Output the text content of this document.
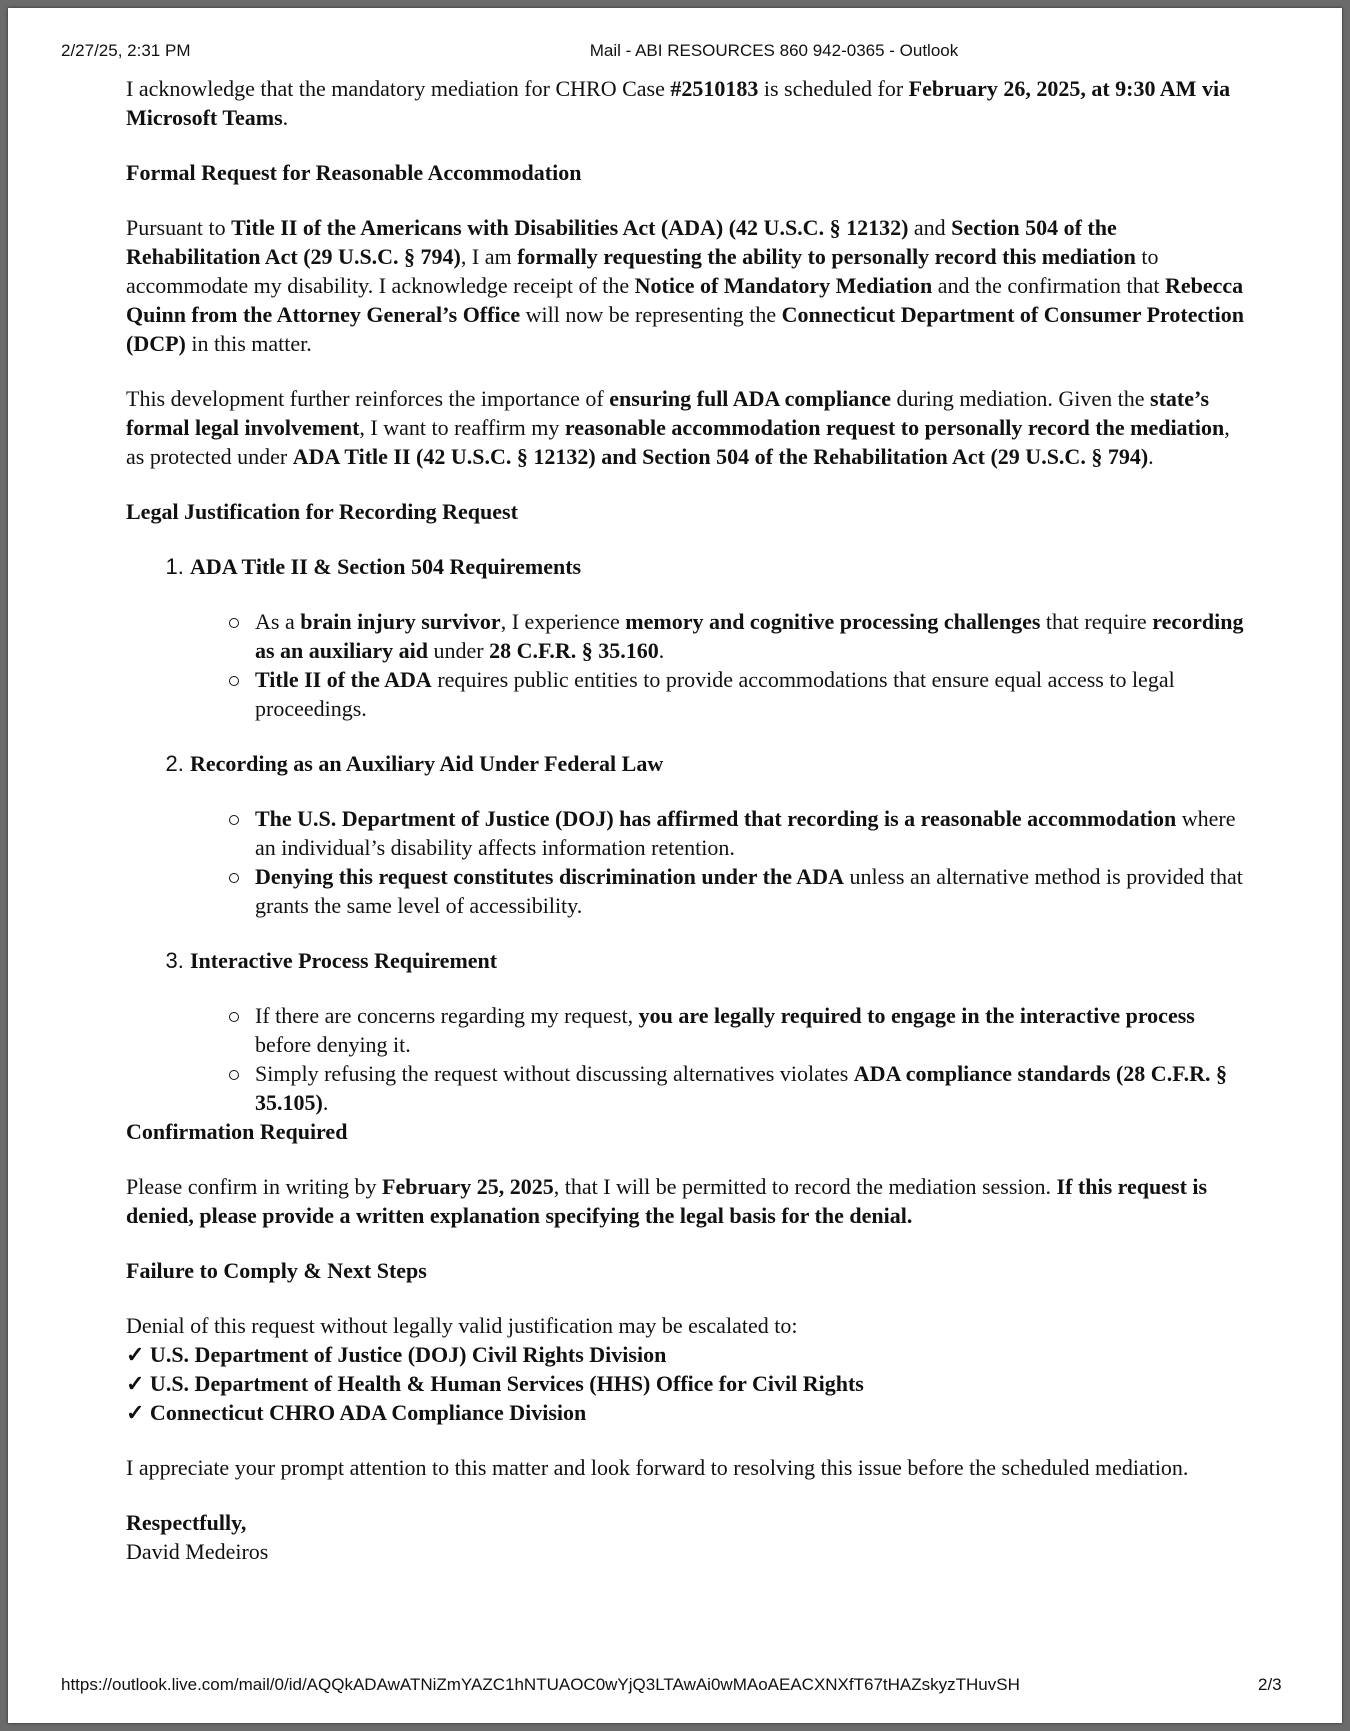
2/27/25, 2:31 PM	Mail - ABI RESOURCES 860 942-0365 - Outlook

I acknowledge that the mandatory mediation for CHRO Case #2510183 is scheduled for February 26, 2025, at 9:30 AM via Microsoft Teams.

Formal Request for Reasonable Accommodation

Pursuant to Title II of the Americans with Disabilities Act (ADA) (42 U.S.C. § 12132) and Section 504 of the Rehabilitation Act (29 U.S.C. § 794), I am formally requesting the ability to personally record this mediation to accommodate my disability. I acknowledge receipt of the Notice of Mandatory Mediation and the confirmation that Rebecca Quinn from the Attorney General’s Office will now be representing the Connecticut Department of Consumer Protection (DCP) in this matter.

This development further reinforces the importance of ensuring full ADA compliance during mediation. Given the state’s formal legal involvement, I want to reaffirm my reasonable accommodation request to personally record the mediation, as protected under ADA Title II (42 U.S.C. § 12132) and Section 504 of the Rehabilitation Act (29 U.S.C. § 794).

Legal Justification for Recording Request

1. ADA Title II & Section 504 Requirements
As a brain injury survivor, I experience memory and cognitive processing challenges that require recording as an auxiliary aid under 28 C.F.R. § 35.160.
Title II of the ADA requires public entities to provide accommodations that ensure equal access to legal proceedings.
2. Recording as an Auxiliary Aid Under Federal Law
The U.S. Department of Justice (DOJ) has affirmed that recording is a reasonable accommodation where an individual’s disability affects information retention.
Denying this request constitutes discrimination under the ADA unless an alternative method is provided that grants the same level of accessibility.
3. Interactive Process Requirement
If there are concerns regarding my request, you are legally required to engage in the interactive process before denying it.
Simply refusing the request without discussing alternatives violates ADA compliance standards (28 C.F.R. § 35.105).

Confirmation Required

Please confirm in writing by February 25, 2025, that I will be permitted to record the mediation session. If this request is denied, please provide a written explanation specifying the legal basis for the denial.

Failure to Comply & Next Steps

Denial of this request without legally valid justification may be escalated to:

✓ U.S. Department of Justice (DOJ) Civil Rights Division

✓ U.S. Department of Health & Human Services (HHS) Office for Civil Rights

✓ Connecticut CHRO ADA Compliance Division

I appreciate your prompt attention to this matter and look forward to resolving this issue before the scheduled mediation.

Respectfully,

David Medeiros

https://outlook.live.com/mail/0/id/AQQkADAwATNiZmYAZC1hNTUAOC0wYjQ3LTAwAi0wMAoAEACXNXfT67tHAZskyzTHuvSH	2/3
